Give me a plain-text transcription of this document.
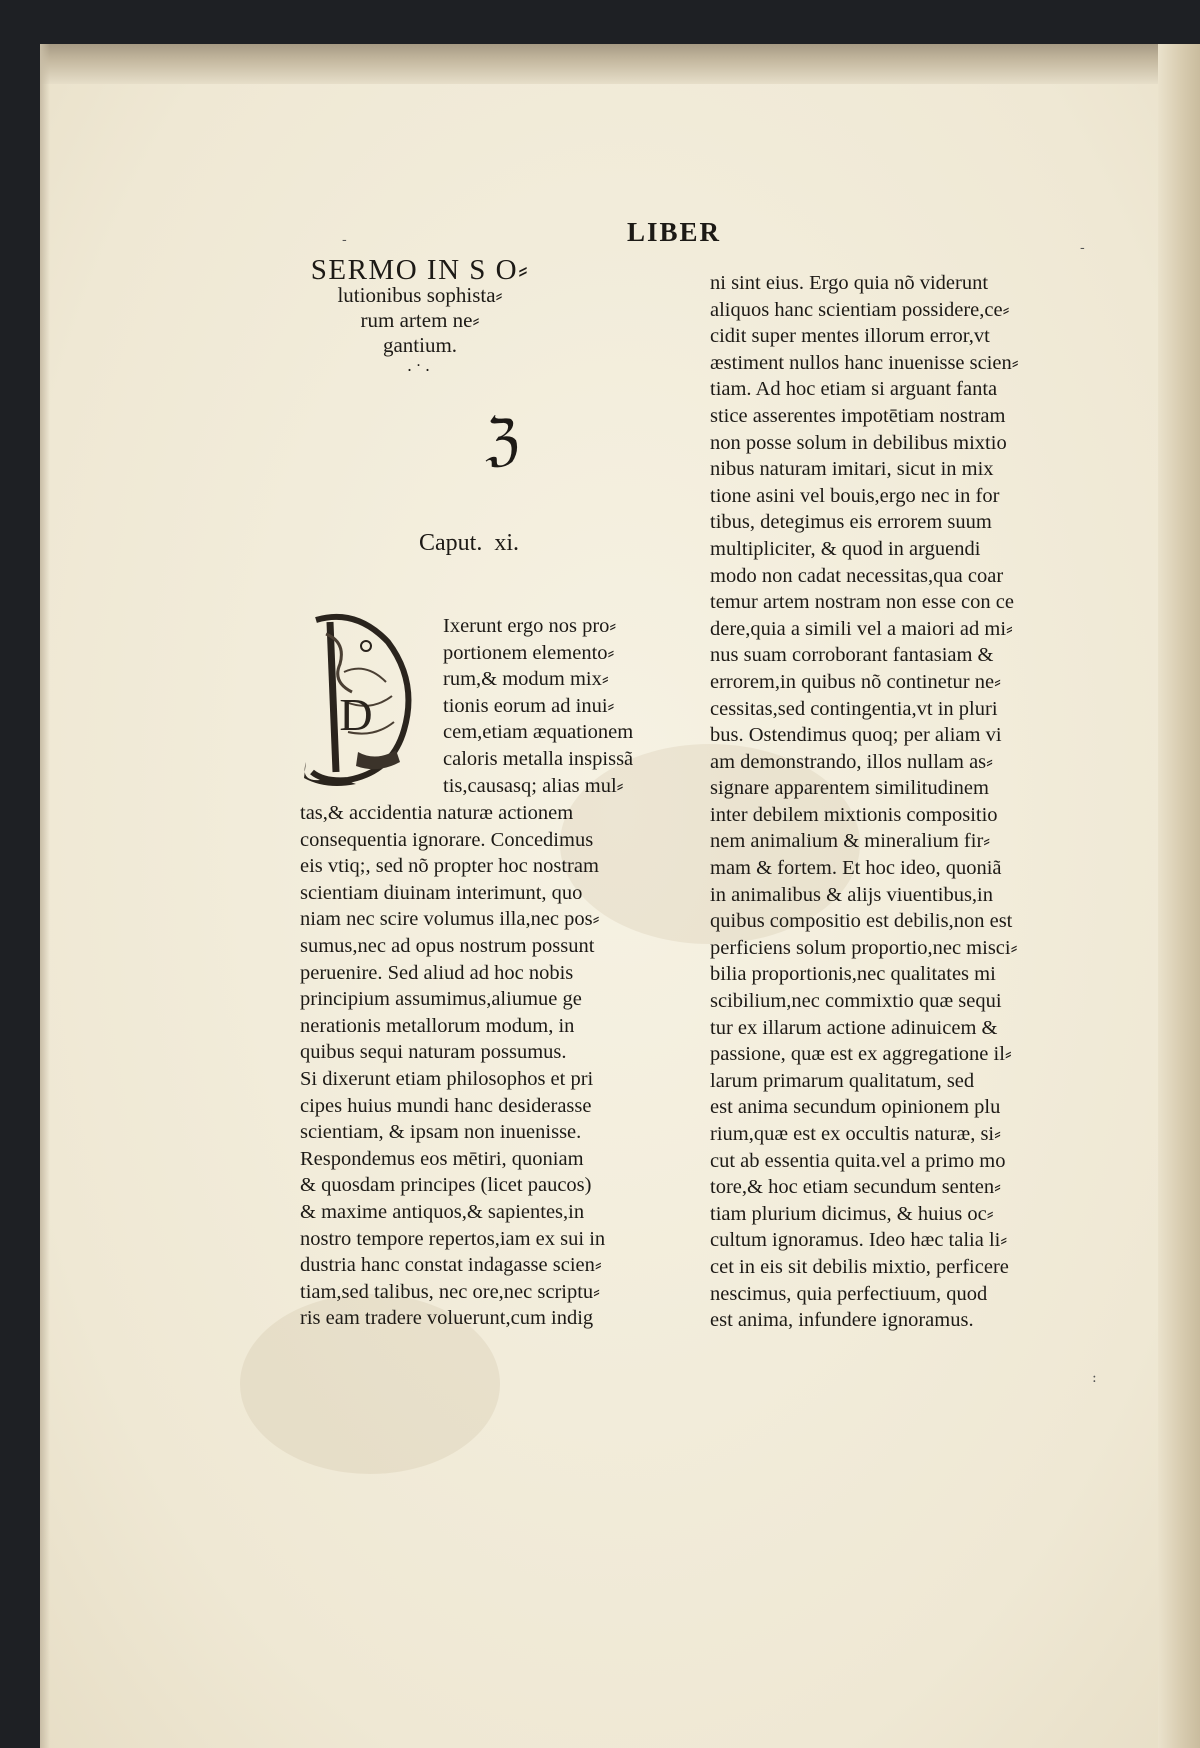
LIBER
SERMO IN S O⸗
lutionibus sophista⸗
rum artem ne⸗
gantium.
·˙·
ℨ
Caput. xi.
D
Ixerunt ergo nos pro⸗
portionem elemento⸗
rum,& modum mix⸗
tionis eorum ad inui⸗
cem,etiam æquationem
caloris metalla inspissã
tis,causasq; alias mul⸗
tas,& accidentia naturæ actionem
consequentia ignorare. Concedimus
eis vtiq;, sed nõ propter hoc nostram
scientiam diuinam interimunt, quo
niam nec scire volumus illa,nec pos⸗
sumus,nec ad opus nostrum possunt
peruenire. Sed aliud ad hoc nobis
principium assumimus,aliumue ge
nerationis metallorum modum, in
quibus sequi naturam possumus.
Si dixerunt etiam philosophos et pri
cipes huius mundi hanc desiderasse
scientiam, & ipsam non inuenisse.
Respondemus eos mētiri, quoniam
& quosdam principes (licet paucos)
& maxime antiquos,& sapientes,in
nostro tempore repertos,iam ex sui in
dustria hanc constat indagasse scien⸗
tiam,sed talibus, nec ore,nec scriptu⸗
ris eam tradere voluerunt,cum indig
ni sint eius. Ergo quia nõ viderunt
aliquos hanc scientiam possidere,ce⸗
cidit super mentes illorum error,vt
æstiment nullos hanc inuenisse scien⸗
tiam. Ad hoc etiam si arguant fanta
stice asserentes impotētiam nostram
non posse solum in debilibus mixtio
nibus naturam imitari, sicut in mix
tione asini vel bouis,ergo nec in for
tibus, detegimus eis errorem suum
multipliciter, & quod in arguendi
modo non cadat necessitas,qua coar
temur artem nostram non esse con ce
dere,quia a simili vel a maiori ad mi⸗
nus suam corroborant fantasiam &
errorem,in quibus nõ continetur ne⸗
cessitas,sed contingentia,vt in pluri
bus. Ostendimus quoq; per aliam vi
am demonstrando, illos nullam as⸗
signare apparentem similitudinem
inter debilem mixtionis compositio
nem animalium & mineralium fir⸗
mam & fortem. Et hoc ideo, quoniã
in animalibus & alijs viuentibus,in
quibus compositio est debilis,non est
perficiens solum proportio,nec misci⸗
bilia proportionis,nec qualitates mi
scibilium,nec commixtio quæ sequi
tur ex illarum actione adinuicem &
passione, quæ est ex aggregatione il⸗
larum primarum qualitatum, sed
est anima secundum opinionem plu
rium,quæ est ex occultis naturæ, si⸗
cut ab essentia quita.vel a primo mo
tore,& hoc etiam secundum senten⸗
tiam plurium dicimus, & huius oc⸗
cultum ignoramus. Ideo hæc talia li⸗
cet in eis sit debilis mixtio, perficere
nescimus, quia perfectiuum, quod
est anima, infundere ignoramus.
-	-
:
